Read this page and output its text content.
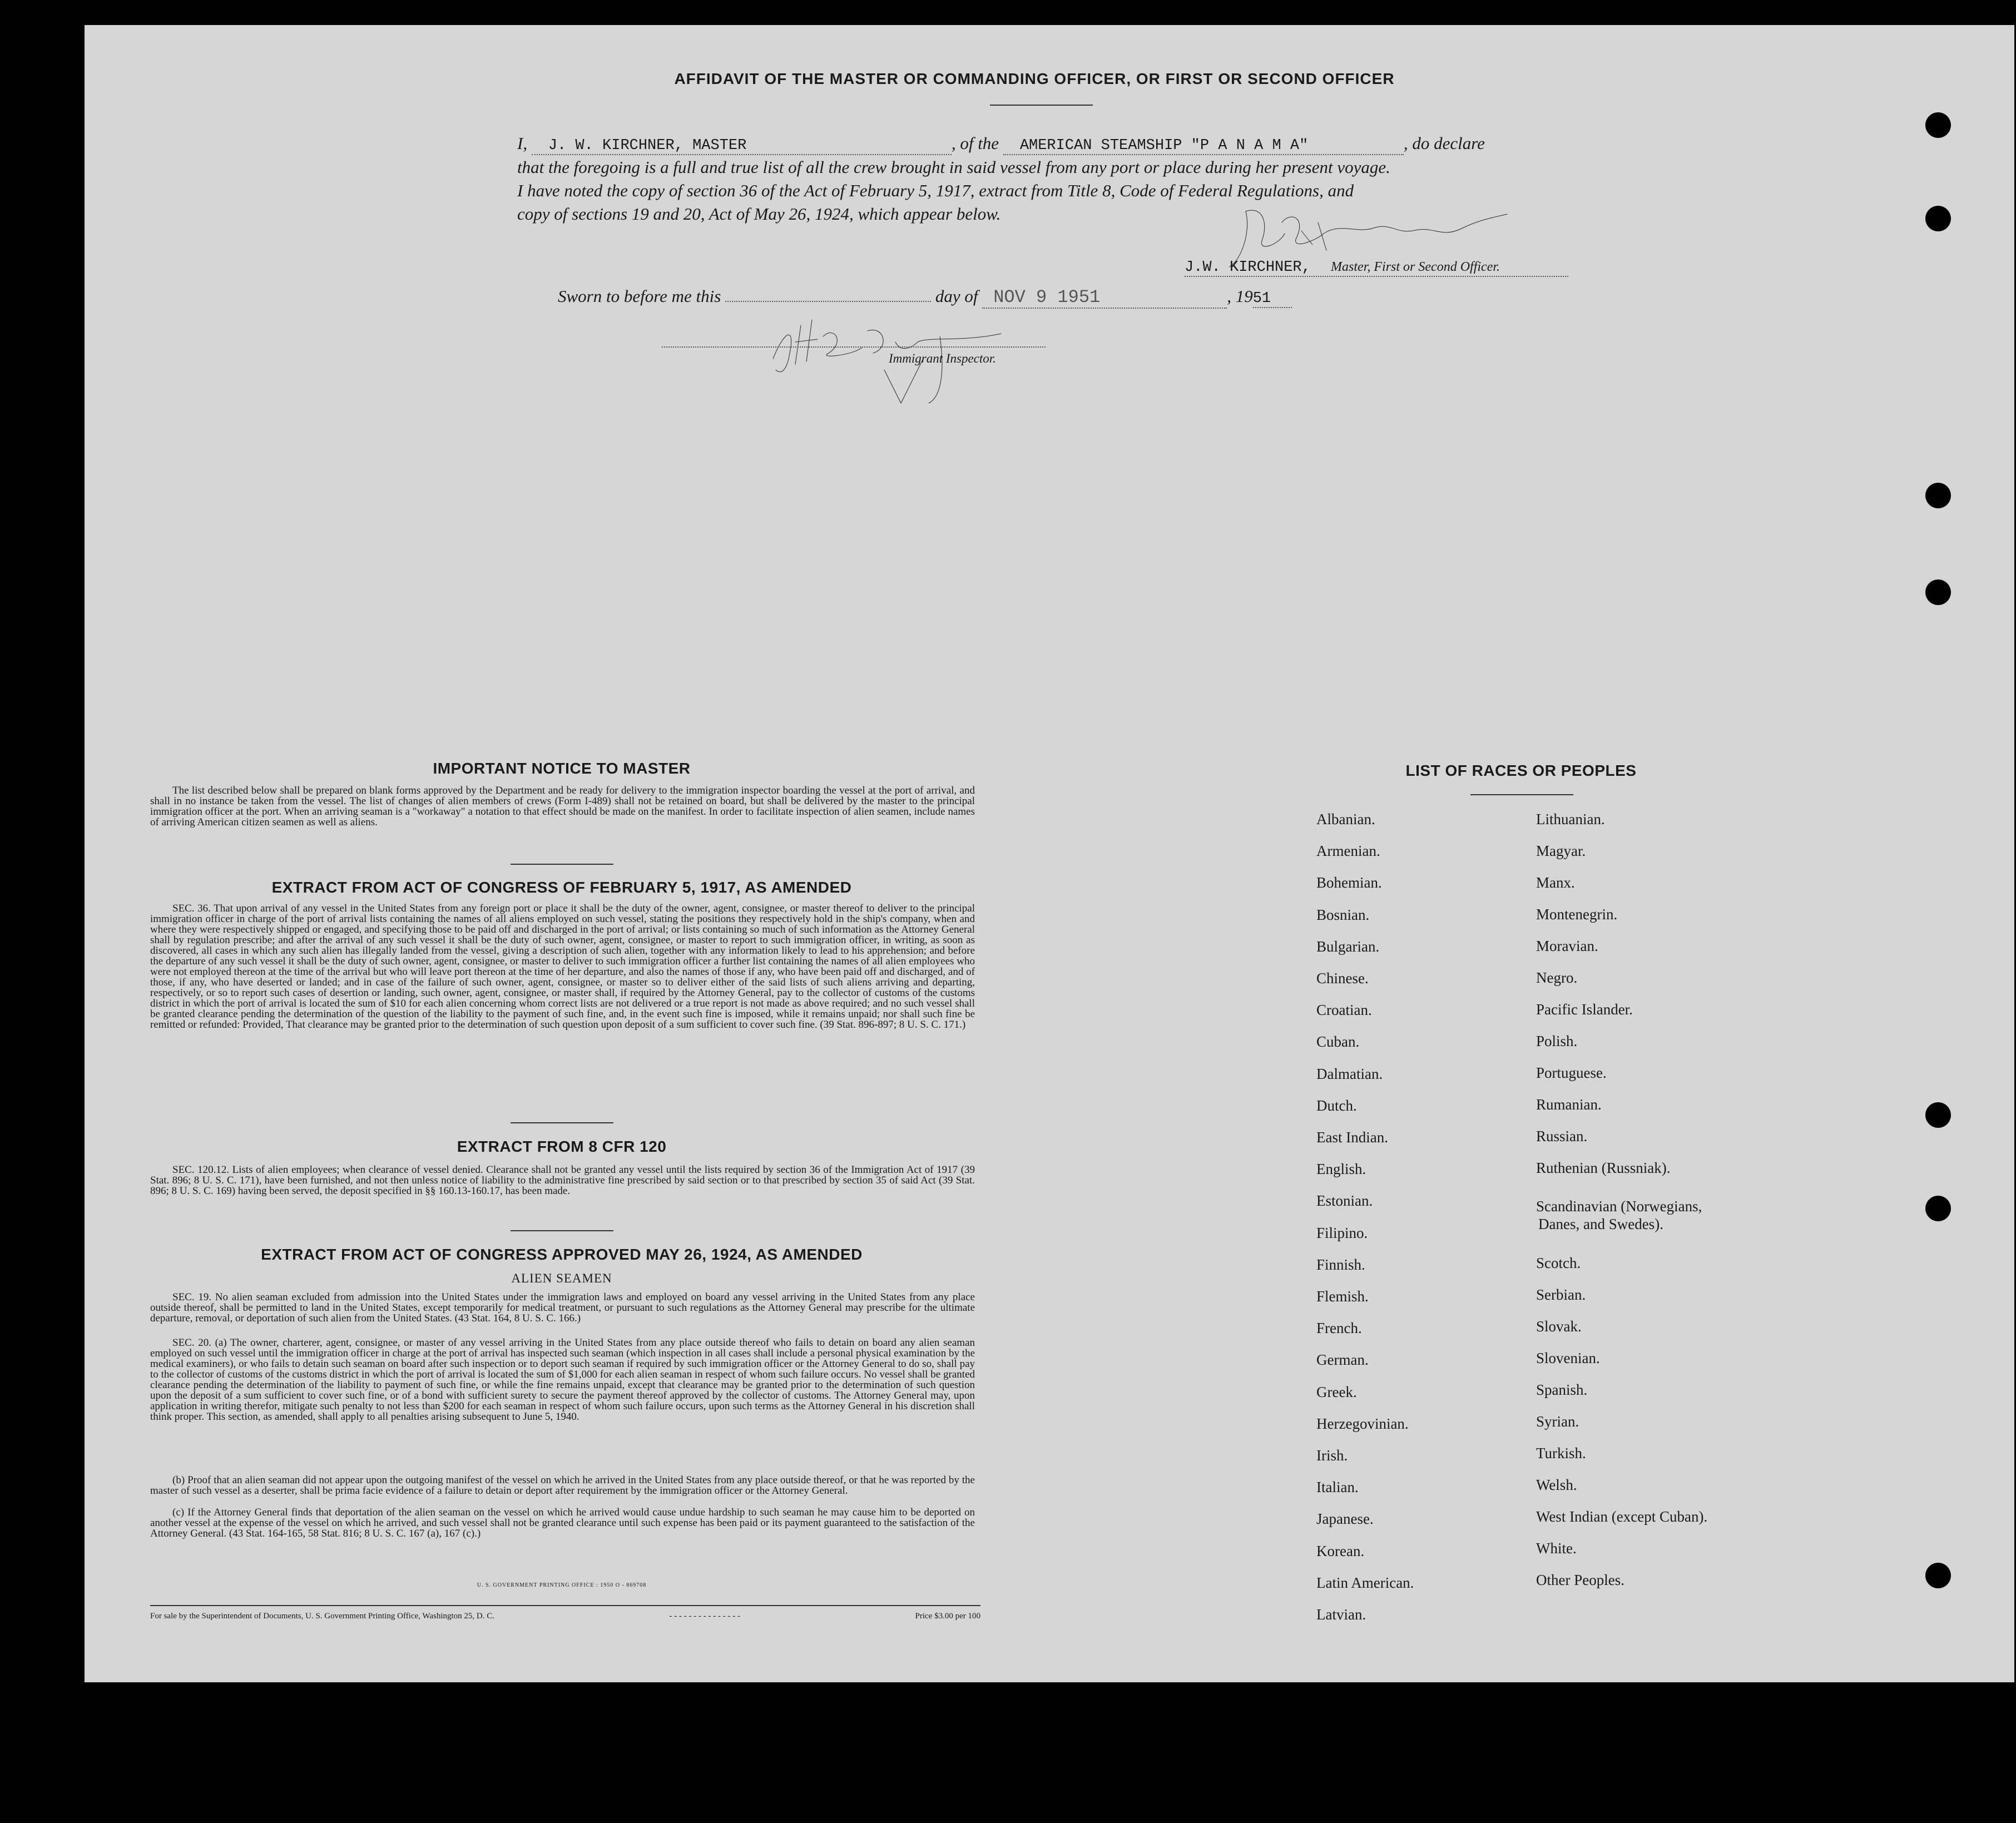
AFFIDAVIT OF THE MASTER OR COMMANDING OFFICER, OR FIRST OR SECOND OFFICER
I, J. W. KIRCHNER, MASTER	, of the AMERICAN STEAMSHIP "P A N A M A"	, do declare
that the foregoing is a full and true list of all the crew brought in said vessel from any port or place during her present voyage.
I have noted the copy of section 36 of the Act of February 5, 1917, extract from Title 8, Code of Federal Regulations, and
copy of sections 19 and 20, Act of May 26, 1924, which appear below.
J.W. KIRCHNER, Master, First or Second Officer.
Sworn to before me this	day of NOV 9 1951	, 1951
Immigrant Inspector.
IMPORTANT NOTICE TO MASTER
The list described below shall be prepared on blank forms approved by the Department and be ready for delivery to the immigration inspector boarding the vessel at the port of arrival, and shall in no instance be taken from the vessel. The list of changes of alien members of crews (Form I-489) shall not be retained on board, but shall be delivered by the master to the principal immigration officer at the port. When an arriving seaman is a "workaway" a notation to that effect should be made on the manifest. In order to facilitate inspection of alien seamen, include names of arriving American citizen seamen as well as aliens.
EXTRACT FROM ACT OF CONGRESS OF FEBRUARY 5, 1917, AS AMENDED
SEC. 36. That upon arrival of any vessel in the United States from any foreign port or place it shall be the duty of the owner, agent, consignee, or master thereof to deliver to the principal immigration officer in charge of the port of arrival lists containing the names of all aliens employed on such vessel, stating the positions they respectively hold in the ship's company, when and where they were respectively shipped or engaged, and specifying those to be paid off and discharged in the port of arrival; or lists containing so much of such information as the Attorney General shall by regulation prescribe; and after the arrival of any such vessel it shall be the duty of such owner, agent, consignee, or master to report to such immigration officer, in writing, as soon as discovered, all cases in which any such alien has illegally landed from the vessel, giving a description of such alien, together with any information likely to lead to his apprehension; and before the departure of any such vessel it shall be the duty of such owner, agent, consignee, or master to deliver to such immigration officer a further list containing the names of all alien employees who were not employed thereon at the time of the arrival but who will leave port thereon at the time of her departure, and also the names of those if any, who have been paid off and discharged, and of those, if any, who have deserted or landed; and in case of the failure of such owner, agent, consignee, or master so to deliver either of the said lists of such aliens arriving and departing, respectively, or so to report such cases of desertion or landing, such owner, agent, consignee, or master shall, if required by the Attorney General, pay to the collector of customs of the customs district in which the port of arrival is located the sum of $10 for each alien concerning whom correct lists are not delivered or a true report is not made as above required; and no such vessel shall be granted clearance pending the determination of the question of the liability to the payment of such fine, and, in the event such fine is imposed, while it remains unpaid; nor shall such fine be remitted or refunded: Provided, That clearance may be granted prior to the determination of such question upon deposit of a sum sufficient to cover such fine. (39 Stat. 896-897; 8 U. S. C. 171.)
EXTRACT FROM 8 CFR 120
SEC. 120.12. Lists of alien employees; when clearance of vessel denied. Clearance shall not be granted any vessel until the lists required by section 36 of the Immigration Act of 1917 (39 Stat. 896; 8 U. S. C. 171), have been furnished, and not then unless notice of liability to the administrative fine prescribed by said section or to that prescribed by section 35 of said Act (39 Stat. 896; 8 U. S. C. 169) having been served, the deposit specified in §§ 160.13-160.17, has been made.
EXTRACT FROM ACT OF CONGRESS APPROVED MAY 26, 1924, AS AMENDED
ALIEN SEAMEN
SEC. 19. No alien seaman excluded from admission into the United States under the immigration laws and employed on board any vessel arriving in the United States from any place outside thereof, shall be permitted to land in the United States, except temporarily for medical treatment, or pursuant to such regulations as the Attorney General may prescribe for the ultimate departure, removal, or deportation of such alien from the United States. (43 Stat. 164, 8 U. S. C. 166.)
SEC. 20. (a) The owner, charterer, agent, consignee, or master of any vessel arriving in the United States from any place outside thereof who fails to detain on board any alien seaman employed on such vessel until the immigration officer in charge at the port of arrival has inspected such seaman (which inspection in all cases shall include a personal physical examination by the medical examiners), or who fails to detain such seaman on board after such inspection or to deport such seaman if required by such immigration officer or the Attorney General to do so, shall pay to the collector of customs of the customs district in which the port of arrival is located the sum of $1,000 for each alien seaman in respect of whom such failure occurs. No vessel shall be granted clearance pending the determination of the liability to payment of such fine, or while the fine remains unpaid, except that clearance may be granted prior to the determination of such question upon the deposit of a sum sufficient to cover such fine, or of a bond with sufficient surety to secure the payment thereof approved by the collector of customs. The Attorney General may, upon application in writing therefor, mitigate such penalty to not less than $200 for each seaman in respect of whom such failure occurs, upon such terms as the Attorney General in his discretion shall think proper. This section, as amended, shall apply to all penalties arising subsequent to June 5, 1940.
(b) Proof that an alien seaman did not appear upon the outgoing manifest of the vessel on which he arrived in the United States from any place outside thereof, or that he was reported by the master of such vessel as a deserter, shall be prima facie evidence of a failure to detain or deport after requirement by the immigration officer or the Attorney General.
(c) If the Attorney General finds that deportation of the alien seaman on the vessel on which he arrived would cause undue hardship to such seaman he may cause him to be deported on another vessel at the expense of the vessel on which he arrived, and such vessel shall not be granted clearance until such expense has been paid or its payment guaranteed to the satisfaction of the Attorney General. (43 Stat. 164-165, 58 Stat. 816; 8 U. S. C. 167 (a), 167 (c).)
U. S. GOVERNMENT PRINTING OFFICE : 1950 O - 869708
For sale by the Superintendent of Documents, U. S. Government Printing Office, Washington 25, D. C.	- - - - - - - - - - - - - - -	Price $3.00 per 100
LIST OF RACES OR PEOPLES
Albanian.
Armenian.
Bohemian.
Bosnian.
Bulgarian.
Chinese.
Croatian.
Cuban.
Dalmatian.
Dutch.
East Indian.
English.
Estonian.
Filipino.
Finnish.
Flemish.
French.
German.
Greek.
Herzegovinian.
Irish.
Italian.
Japanese.
Korean.
Latin American.
Latvian.
Lithuanian.
Magyar.
Manx.
Montenegrin.
Moravian.
Negro.
Pacific Islander.
Polish.
Portuguese.
Rumanian.
Russian.
Ruthenian (Russniak).
Scandinavian (Norwegians,
Danes, and Swedes).
Scotch.
Serbian.
Slovak.
Slovenian.
Spanish.
Syrian.
Turkish.
Welsh.
West Indian (except Cuban).
White.
Other Peoples.
